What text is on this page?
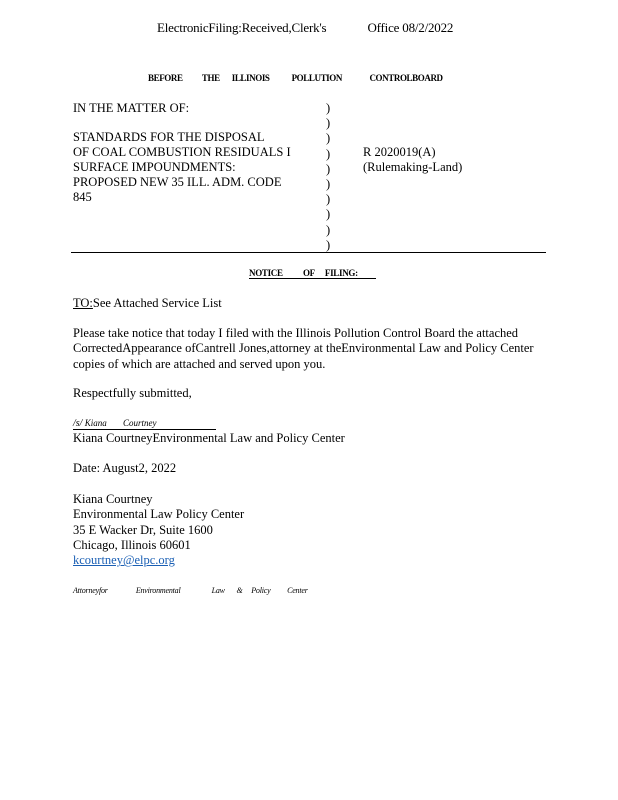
ElectronicFiling:Received,Clerk's	Office 08/2/2022
BEFORE THE ILLINOIS POLLUTION	CONTROLBOARD
IN THE MATTER OF:
STANDARDS FOR THE DISPOSAL
OF COAL COMBUSTION RESIDUALS I
SURFACE IMPOUNDMENTS:
PROPOSED NEW 35 ILL. ADM. CODE
845
)
)
)
)
)
)
)
)
)
)
R 2020019(A)
(Rulemaking-Land)
NOTICE OF FILING:
TO:See Attached Service List
Please take notice that today I filed with the Illinois Pollution Control Board the attached
CorrectedAppearance ofCantrell Jones,attorney at theEnvironmental Law and Policy Center
copies of which are attached and served upon you.
Respectfully submitted,
/s/ Kiana Courtney
Kiana CourtneyEnvironmental Law and Policy Center
Date: August2, 2022
Kiana Courtney
Environmental Law Policy Center
35 E Wacker Dr, Suite 1600
Chicago, Illinois 60601
kcourtney@elpc.org
Attorneyfor	Environmental	Law & Policy Center
